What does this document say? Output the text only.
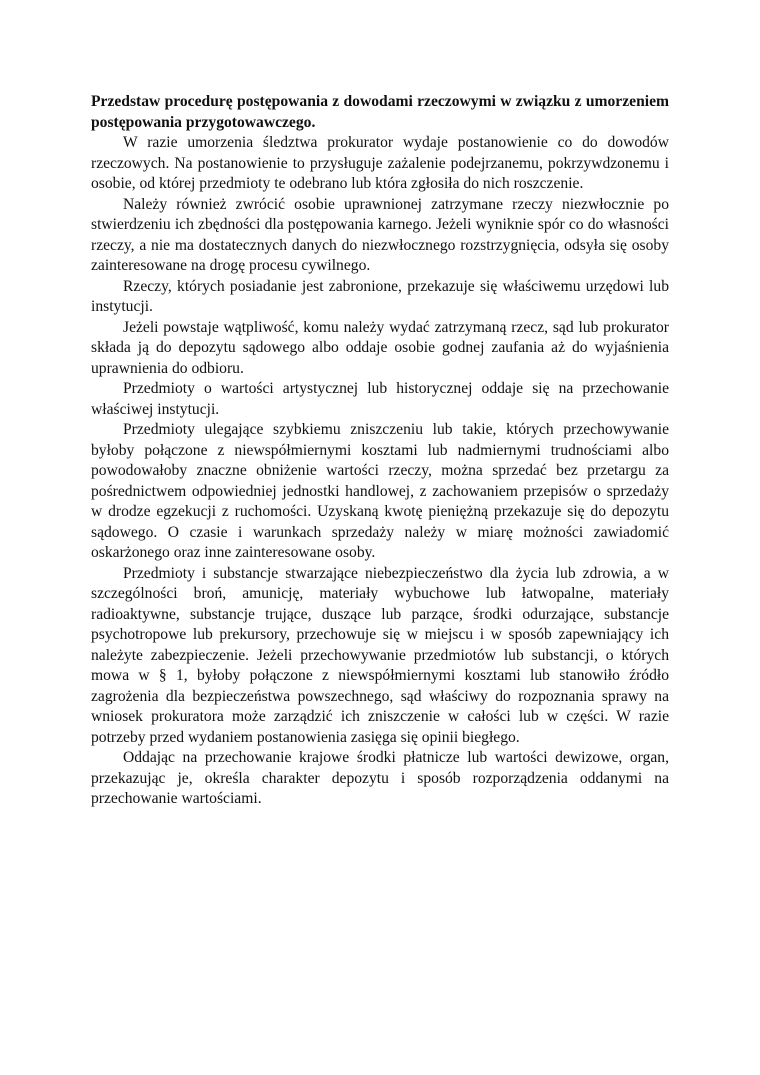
Przedstaw procedurę postępowania z dowodami rzeczowymi w związku z umorzeniem postępowania przygotowawczego.

W razie umorzenia śledztwa prokurator wydaje postanowienie co do dowodów rzeczowych. Na postanowienie to przysługuje zażalenie podejrzanemu, pokrzywdzonemu i osobie, od której przedmioty te odebrano lub która zgłosiła do nich roszczenie.

Należy również zwrócić osobie uprawnionej zatrzymane rzeczy niezwłocznie po stwierdzeniu ich zbędności dla postępowania karnego. Jeżeli wyniknie spór co do własności rzeczy, a nie ma dostatecznych danych do niezwłocznego rozstrzygnięcia, odsyła się osoby zainteresowane na drogę procesu cywilnego.

Rzeczy, których posiadanie jest zabronione, przekazuje się właściwemu urzędowi lub instytucji.

Jeżeli powstaje wątpliwość, komu należy wydać zatrzymaną rzecz, sąd lub prokurator składa ją do depozytu sądowego albo oddaje osobie godnej zaufania aż do wyjaśnienia uprawnienia do odbioru.

Przedmioty o wartości artystycznej lub historycznej oddaje się na przechowanie właściwej instytucji.

Przedmioty ulegające szybkiemu zniszczeniu lub takie, których przechowywanie byłoby połączone z niewspółmiernymi kosztami lub nadmiernymi trudnościami albo powodowałoby znaczne obniżenie wartości rzeczy, można sprzedać bez przetargu za pośrednictwem odpowiedniej jednostki handlowej, z zachowaniem przepisów o sprzedaży w drodze egzekucji z ruchomości. Uzyskaną kwotę pieniężną przekazuje się do depozytu sądowego. O czasie i warunkach sprzedaży należy w miarę możności zawiadomić oskarżonego oraz inne zainteresowane osoby.

Przedmioty i substancje stwarzające niebezpieczeństwo dla życia lub zdrowia, a w szczególności broń, amunicję, materiały wybuchowe lub łatwopalne, materiały radioaktywne, substancje trujące, duszące lub parzące, środki odurzające, substancje psychotropowe lub prekursory, przechowuje się w miejscu i w sposób zapewniający ich należyte zabezpieczenie. Jeżeli przechowywanie przedmiotów lub substancji, o których mowa w § 1, byłoby połączone z niewspółmiernymi kosztami lub stanowiło źródło zagrożenia dla bezpieczeństwa powszechnego, sąd właściwy do rozpoznania sprawy na wniosek prokuratora może zarządzić ich zniszczenie w całości lub w części. W razie potrzeby przed wydaniem postanowienia zasięga się opinii biegłego.

Oddając na przechowanie krajowe środki płatnicze lub wartości dewizowe, organ, przekazując je, określa charakter depozytu i sposób rozporządzenia oddanymi na przechowanie wartościami.
